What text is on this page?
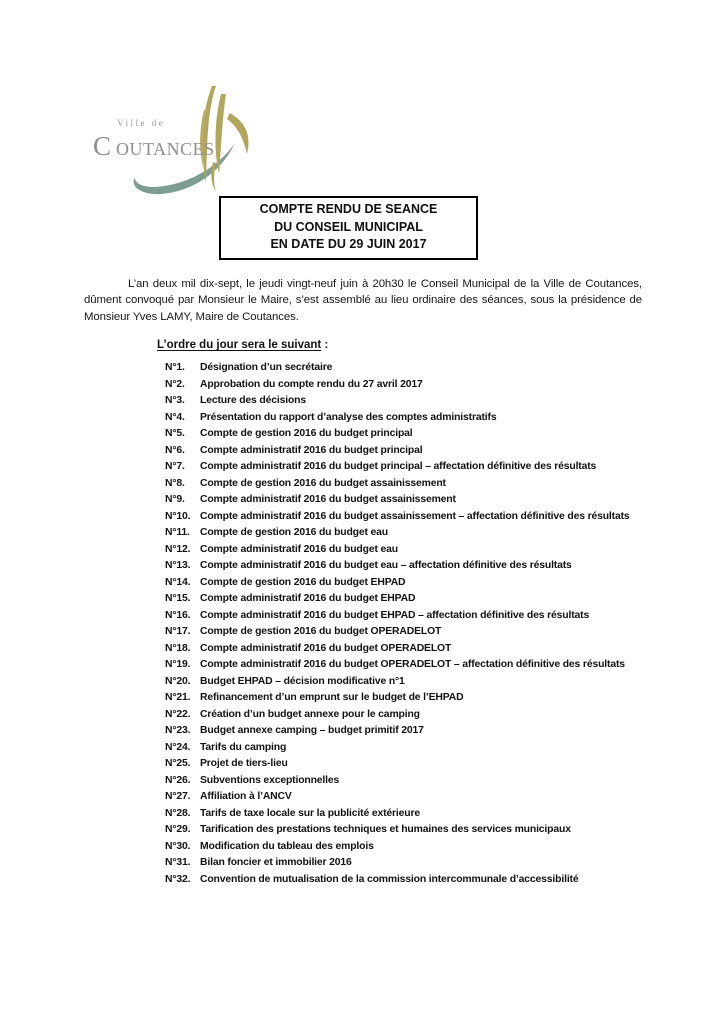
Ville de
C OUTANCES
COMPTE RENDU DE SEANCE
DU CONSEIL MUNICIPAL
EN DATE DU 29 JUIN 2017

L’an deux mil dix-sept, le jeudi vingt-neuf juin à 20h30 le Conseil Municipal de la Ville de Coutances, dûment convoqué par Monsieur le Maire, s’est assemblé au lieu ordinaire des séances, sous la présidence de Monsieur Yves LAMY, Maire de Coutances.

L’ordre du jour sera le suivant :
N°1.	Désignation d’un secrétaire
N°2.	Approbation du compte rendu du 27 avril 2017
N°3.	Lecture des décisions
N°4.	Présentation du rapport d’analyse des comptes administratifs
N°5.	Compte de gestion 2016 du budget principal
N°6.	Compte administratif 2016 du budget principal
N°7.	Compte administratif 2016 du budget principal – affectation définitive des résultats
N°8.	Compte de gestion 2016 du budget assainissement
N°9.	Compte administratif 2016 du budget assainissement
N°10. Compte administratif 2016 du budget assainissement – affectation définitive des résultats
N°11. Compte de gestion 2016 du budget eau
N°12. Compte administratif 2016 du budget eau
N°13. Compte administratif 2016 du budget eau – affectation définitive des résultats
N°14. Compte de gestion 2016 du budget EHPAD
N°15. Compte administratif 2016 du budget EHPAD
N°16. Compte administratif 2016 du budget EHPAD – affectation définitive des résultats
N°17. Compte de gestion 2016 du budget OPERADELOT
N°18. Compte administratif 2016 du budget OPERADELOT
N°19. Compte administratif 2016 du budget OPERADELOT – affectation définitive des résultats
N°20. Budget EHPAD – décision modificative n°1
N°21. Refinancement d’un emprunt sur le budget de l’EHPAD
N°22. Création d’un budget annexe pour le camping
N°23. Budget annexe camping – budget primitif 2017
N°24. Tarifs du camping
N°25. Projet de tiers-lieu
N°26. Subventions exceptionnelles
N°27. Affiliation à l’ANCV
N°28. Tarifs de taxe locale sur la publicité extérieure
N°29. Tarification des prestations techniques et humaines des services municipaux
N°30. Modification du tableau des emplois
N°31. Bilan foncier et immobilier 2016
N°32. Convention de mutualisation de la commission intercommunale d’accessibilité
